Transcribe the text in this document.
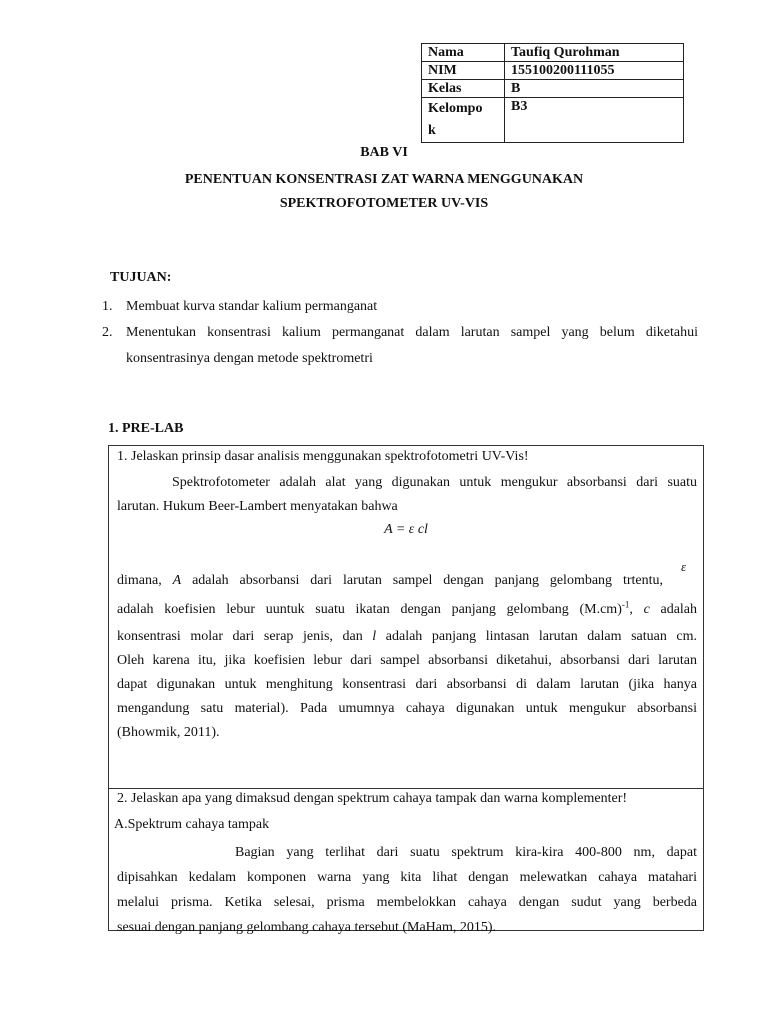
Nama	Taufiq Qurohman
NIM	155100200111055
Kelas	B
Kelompo
k	B3
BAB VI
PENENTUAN KONSENTRASI ZAT WARNA MENGGUNAKAN
SPEKTROFOTOMETER UV-VIS
TUJUAN:
1. Membuat kurva standar kalium permanganat
2. Menentukan konsentrasi kalium permanganat dalam larutan sampel yang belum diketahui
konsentrasinya dengan metode spektrometri
1. PRE-LAB
1. Jelaskan prinsip dasar analisis menggunakan spektrofotometri UV-Vis!
Spektrofotometer adalah alat yang digunakan untuk mengukur absorbansi dari suatu
larutan. Hukum Beer-Lambert menyatakan bahwa
A = ε cl
ε
dimana, A adalah absorbansi dari larutan sampel dengan panjang gelombang trtentu,
adalah koefisien lebur uuntuk suatu ikatan dengan panjang gelombang $(M.cm)^{-1}$, c adalah
konsentrasi molar dari serap jenis, dan l adalah panjang lintasan larutan dalam satuan cm.
Oleh karena itu, jika koefisien lebur dari sampel absorbansi diketahui, absorbansi dari larutan
dapat digunakan untuk menghitung konsentrasi dari absorbansi di dalam larutan (jika hanya
mengandung satu material). Pada umumnya cahaya digunakan untuk mengukur absorbansi
(Bhowmik, 2011).
2. Jelaskan apa yang dimaksud dengan spektrum cahaya tampak dan warna komplementer!
A.Spektrum cahaya tampak
Bagian yang terlihat dari suatu spektrum kira-kira 400-800 nm, dapat
dipisahkan kedalam komponen warna yang kita lihat dengan melewatkan cahaya matahari
melalui prisma. Ketika selesai, prisma membelokkan cahaya dengan sudut yang berbeda
sesuai dengan panjang gelombang cahaya tersebut (MaHam, 2015).
